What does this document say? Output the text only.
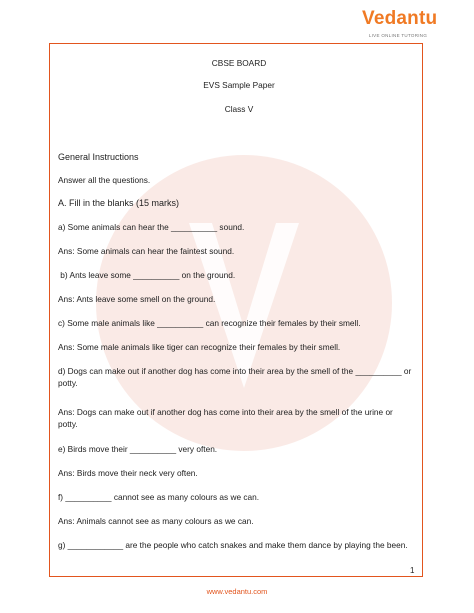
Vedantu
LIVE ONLINE TUTORING

CBSE BOARD

EVS Sample Paper

Class V

General Instructions

Answer all the questions.

A. Fill in the blanks (15 marks)

a) Some animals can hear the __________ sound.

Ans: Some animals can hear the faintest sound.

b) Ants leave some __________ on the ground.

Ans: Ants leave some smell on the ground.

c) Some male animals like __________ can recognize their females by their smell.

Ans: Some male animals like tiger can recognize their females by their smell.

d) Dogs can make out if another dog has come into their area by the smell of the __________ or

potty.

Ans: Dogs can make out if another dog has come into their area by the smell of the urine or

potty.

e) Birds move their __________ very often.

Ans: Birds move their neck very often.

f) __________ cannot see as many colours as we can.

Ans: Animals cannot see as many colours as we can.

g) ____________ are the people who catch snakes and make them dance by playing the been.

1
www.vedantu.com
